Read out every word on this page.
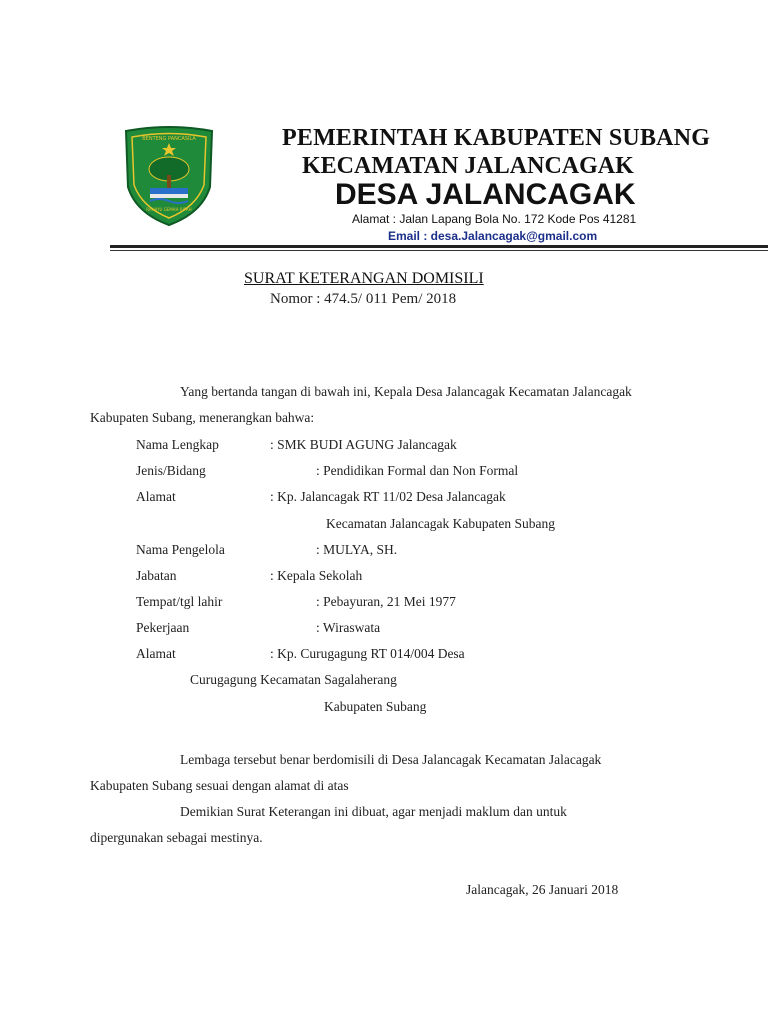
BENTENG PANCASILA
RAHAYU GEMAH RIPAH
PEMERINTAH KABUPATEN SUBANG
KECAMATAN JALANCAGAK
DESA JALANCAGAK
Alamat : Jalan Lapang Bola No. 172 Kode Pos 41281
Email : desa.Jalancagak@gmail.com
SURAT KETERANGAN DOMISILI
Nomor : 474.5/ 011 Pem/ 2018
Yang bertanda tangan di bawah ini, Kepala Desa Jalancagak Kecamatan Jalancagak
Kabupaten Subang, menerangkan bahwa:
Nama Lengkap	: SMK BUDI AGUNG Jalancagak
Jenis/Bidang	: Pendidikan Formal dan Non Formal
Alamat	: Kp. Jalancagak RT 11/02 Desa Jalancagak
Kecamatan Jalancagak Kabupaten Subang
Nama Pengelola	: MULYA, SH.
Jabatan	: Kepala Sekolah
Tempat/tgl lahir	: Pebayuran, 21 Mei 1977
Pekerjaan	: Wiraswata
Alamat	: Kp. Curugagung RT 014/004 Desa
Curugagung Kecamatan Sagalaherang
Kabupaten Subang
Lembaga tersebut benar berdomisili di Desa Jalancagak Kecamatan Jalacagak
Kabupaten Subang sesuai dengan alamat di atas
Demikian Surat Keterangan ini dibuat, agar menjadi maklum dan untuk
dipergunakan sebagai mestinya.
Jalancagak, 26 Januari 2018
